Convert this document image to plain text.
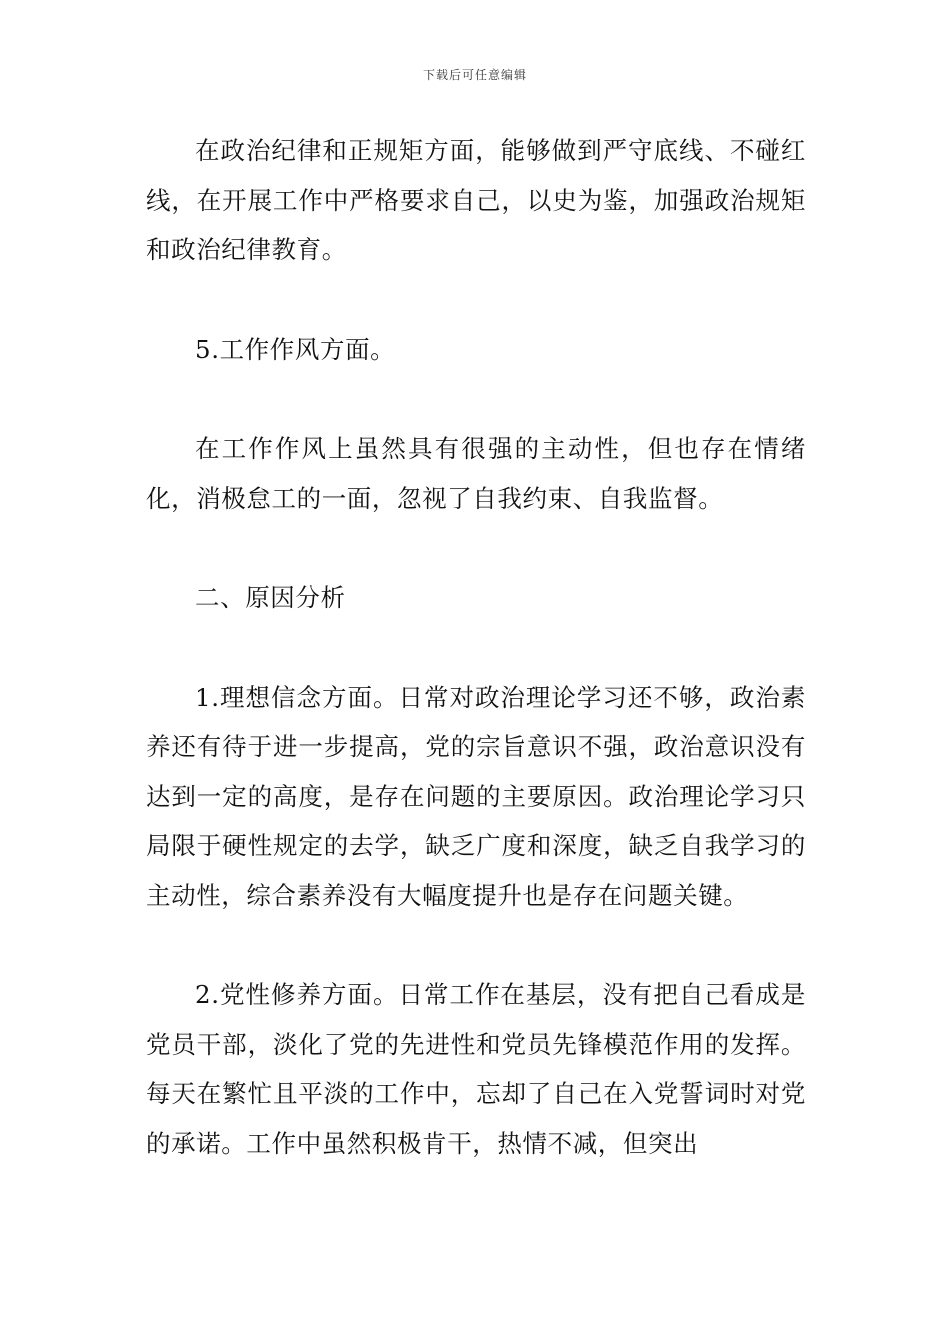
下载后可任意编辑

在政治纪律和正规矩方面，能够做到严守底线、不碰红线，在开展工作中严格要求自己，以史为鉴，加强政治规矩和政治纪律教育。

5.工作作风方面。

在工作作风上虽然具有很强的主动性，但也存在情绪化，消极怠工的一面，忽视了自我约束、自我监督。

二、原因分析

1.理想信念方面。日常对政治理论学习还不够，政治素养还有待于进一步提高，党的宗旨意识不强，政治意识没有达到一定的高度，是存在问题的主要原因。政治理论学习只局限于硬性规定的去学，缺乏广度和深度，缺乏自我学习的主动性，综合素养没有大幅度提升也是存在问题关键。

2.党性修养方面。日常工作在基层，没有把自己看成是党员干部，淡化了党的先进性和党员先锋模范作用的发挥。每天在繁忙且平淡的工作中，忘却了自己在入党誓词时对党的承诺。工作中虽然积极肯干，热情不减，但突出
